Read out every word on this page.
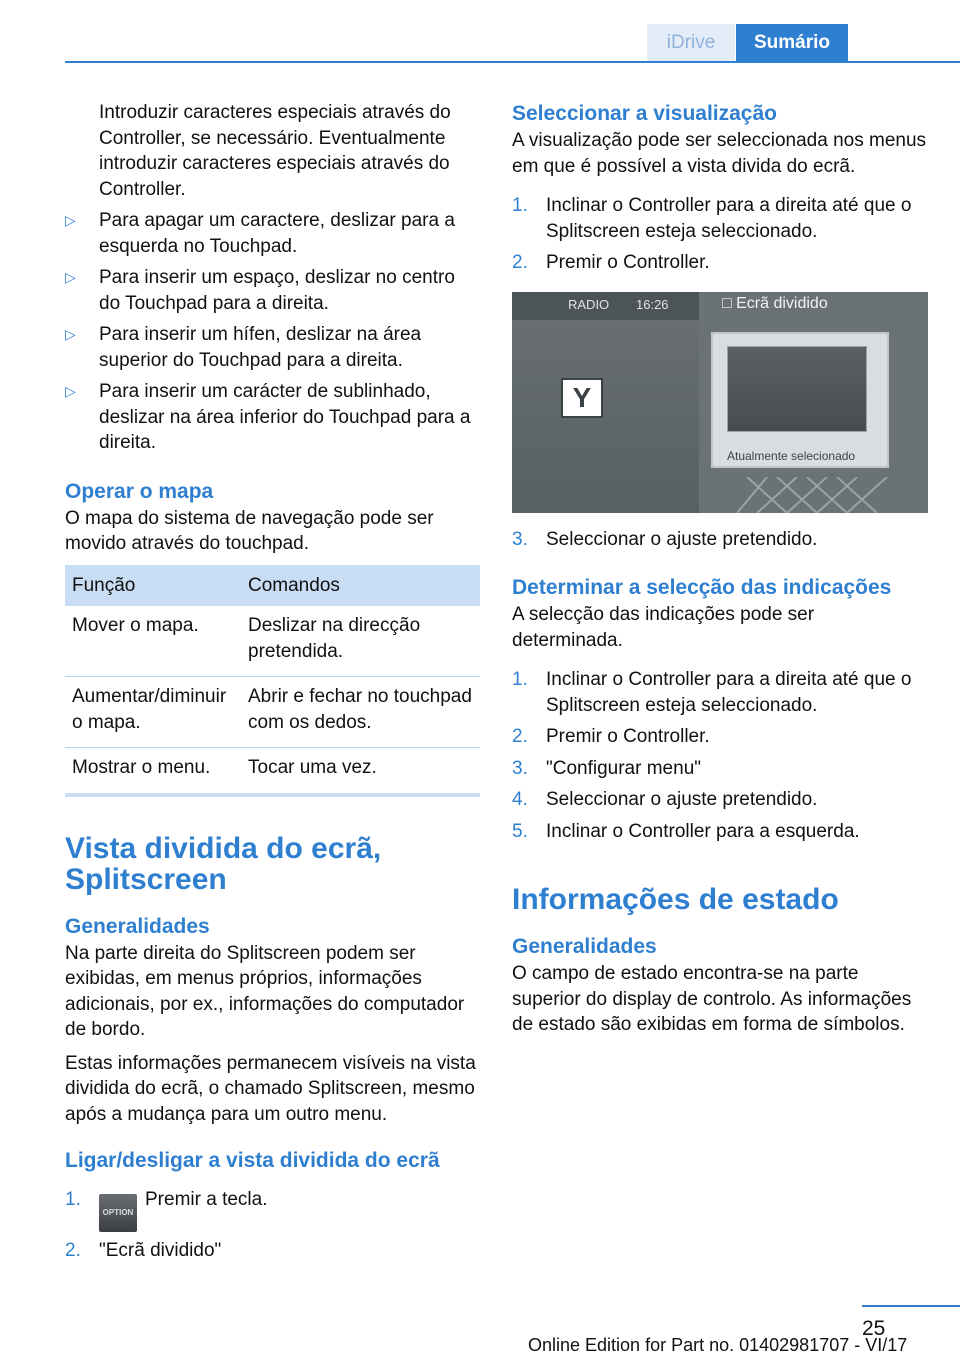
iDrive	Sumário

Introduzir caracteres especiais através do Controller, se necessário. Eventualmente introduzir caracteres especiais através do Controller.

▷ Para apagar um caractere, deslizar para a esquerda no Touchpad.
▷ Para inserir um espaço, deslizar no centro do Touchpad para a direita.
▷ Para inserir um hífen, deslizar na área superior do Touchpad para a direita.
▷ Para inserir um carácter de sublinhado, deslizar na área inferior do Touchpad para a direita.
Operar o mapa

O mapa do sistema de navegação pode ser movido através do touchpad.

Função	Comandos
Mover o mapa.	Deslizar na direcção pretendida.
Aumentar/diminuir o mapa.	Abrir e fechar no touchpad com os dedos.
Mostrar o menu.	Tocar uma vez.
Vista dividida do ecrã, Splitscreen
Generalidades

Na parte direita do Splitscreen podem ser exibidas, em menus próprios, informações adicionais, por ex., informações do computador de bordo.

Estas informações permanecem visíveis na vista dividida do ecrã, o chamado Splitscreen, mesmo após a mudança para um outro menu.

Ligar/desligar a vista dividida do ecrã
1.
OPTIONPremir a tecla.
2. "Ecrã dividido"
Seleccionar a visualização

A visualização pode ser seleccionada nos menus em que é possível a vista divida do ecrã.

1. Inclinar o Controller para a direita até que o Splitscreen esteja seleccionado.
2. Premir o Controller.
RADIO 16:26	□ Ecrã dividido
Y
Atualmente selecionado
3. Seleccionar o ajuste pretendido.
Determinar a selecção das indicações

A selecção das indicações pode ser determinada.

1. Inclinar o Controller para a direita até que o Splitscreen esteja seleccionado.
2. Premir o Controller.
3. "Configurar menu"
4. Seleccionar o ajuste pretendido.
5. Inclinar o Controller para a esquerda.
Informações de estado
Generalidades

O campo de estado encontra-se na parte superior do display de controlo. As informações de estado são exibidas em forma de símbolos.

25
Online Edition for Part no. 01402981707 - VI/17
